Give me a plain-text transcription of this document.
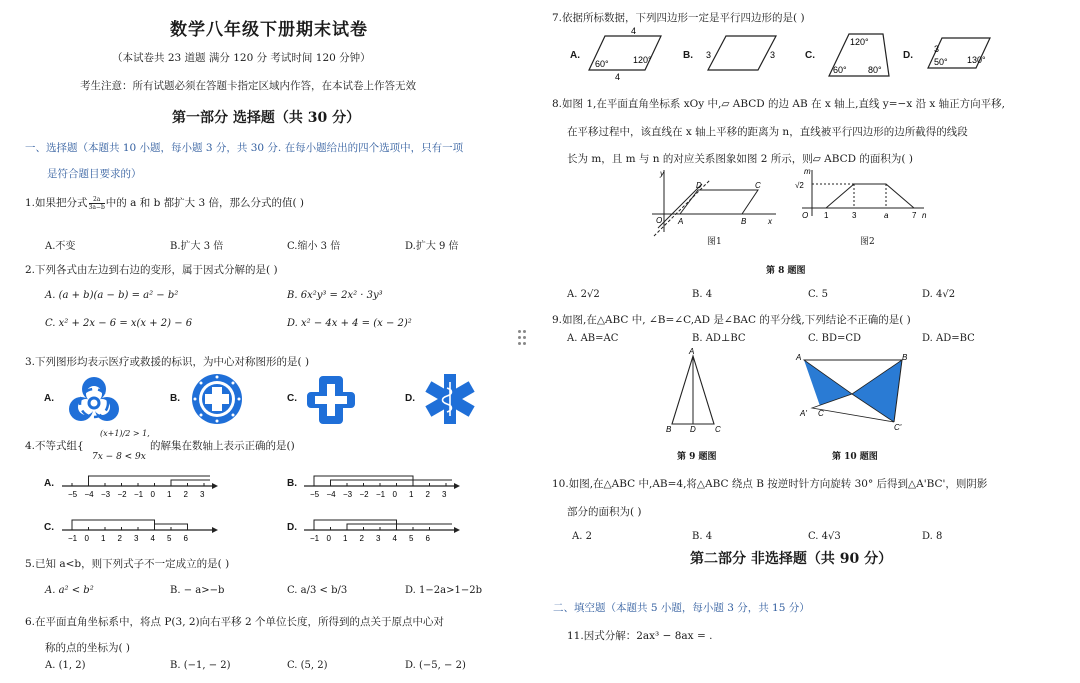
数学八年级下册期末试卷
（本试卷共 23 道题 满分 120 分 考试时间 120 分钟）
考生注意：所有试题必须在答题卡指定区域内作答，在本试卷上作答无效
第一部分 选择题（共 30 分）
一、选择题（本题共 10 小题，每小题 3 分，共 30 分. 在每小题给出的四个选项中，只有一项
是符合题目要求的）
1.如果把分式 $\frac{2a}{3a-b}$ 中的 a 和 b 都扩大 3 倍，那么分式的值( )
A.不变	B.扩大 3 倍	C.缩小 3 倍	D.扩大 9 倍
2.下列各式由左边到右边的变形，属于因式分解的是( )
A. (a + b)(a − b) = a² − b²	B. 6x²y³ = 2x² · 3y³
C. x² + 2x − 6 = x(x + 2) − 6	D. x² − 4x + 4 = (x − 2)²
3.下列图形均表示医疗或救援的标识，为中心对称图形的是( )
A.	B.	C.	D.
4.不等式组{
(x+1)/2 > 1,
7x − 8 < 9x
的解集在数轴上表示正确的是()
A.	B.
C.	D.
−5 −4 −3 −2 −1 0 1 2 3	−5 −4 −3 −2 −1 0 1 2 3
−1 0 1 2 3 4 5 6	−1 0 1 2 3 4 5 6
5.已知 a<b，则下列式子不一定成立的是( )
A. a² < b²	B. − a>−b	C. a/3 < b/3	D. 1−2a>1−2b
6.在平面直角坐标系中，将点 P(3, 2)向右平移 2 个单位长度，所得到的点关于原点中心对
称的点的坐标为( )
A. (1, 2)	B. (−1, − 2)	C. (5, 2)	D. (−5, − 2)
7.依据所标数据，下列四边形一定是平行四边形的是( )
A.	B.	C.	D.
4
4
60°	120°	3	3
120°
60° 80°
3
50° 130°
8.如图 1,在平面直角坐标系 xOy 中,▱ ABCD 的边 AB 在 x 轴上,直线 y=−x 沿 x 轴正方向平移,
在平移过程中，该直线在 x 轴上平移的距离为 n，直线被平行四边形的边所截得的线段
长为 m，且 m 与 n 的对应关系图象如图 2 所示，则▱ ABCD 的面积为( )
y
x
O A	B
C
D
图1
m
n
O
√2
1	3	a	7
图2
第 8 题图
A. 2√2	B. 4	C. 5	D. 4√2
9.如图,在△ABC 中, ∠B=∠C,AD 是∠BAC 的平分线,下列结论不正确的是( )
A. AB=AC	B. AD⊥BC	C. BD=CD	D. AD=BC
A
B D C
第 9 题图
A	B
C'
A' C
第 10 题图
10.如图,在△ABC 中,AB=4,将△ABC 绕点 B 按逆时针方向旋转 30° 后得到△A'BC'，则阴影
部分的面积为( )
A. 2	B. 4	C. 4√3	D. 8
第二部分 非选择题（共 90 分）
二、填空题（本题共 5 小题，每小题 3 分，共 15 分）
11.因式分解：2ax³ − 8ax = .
